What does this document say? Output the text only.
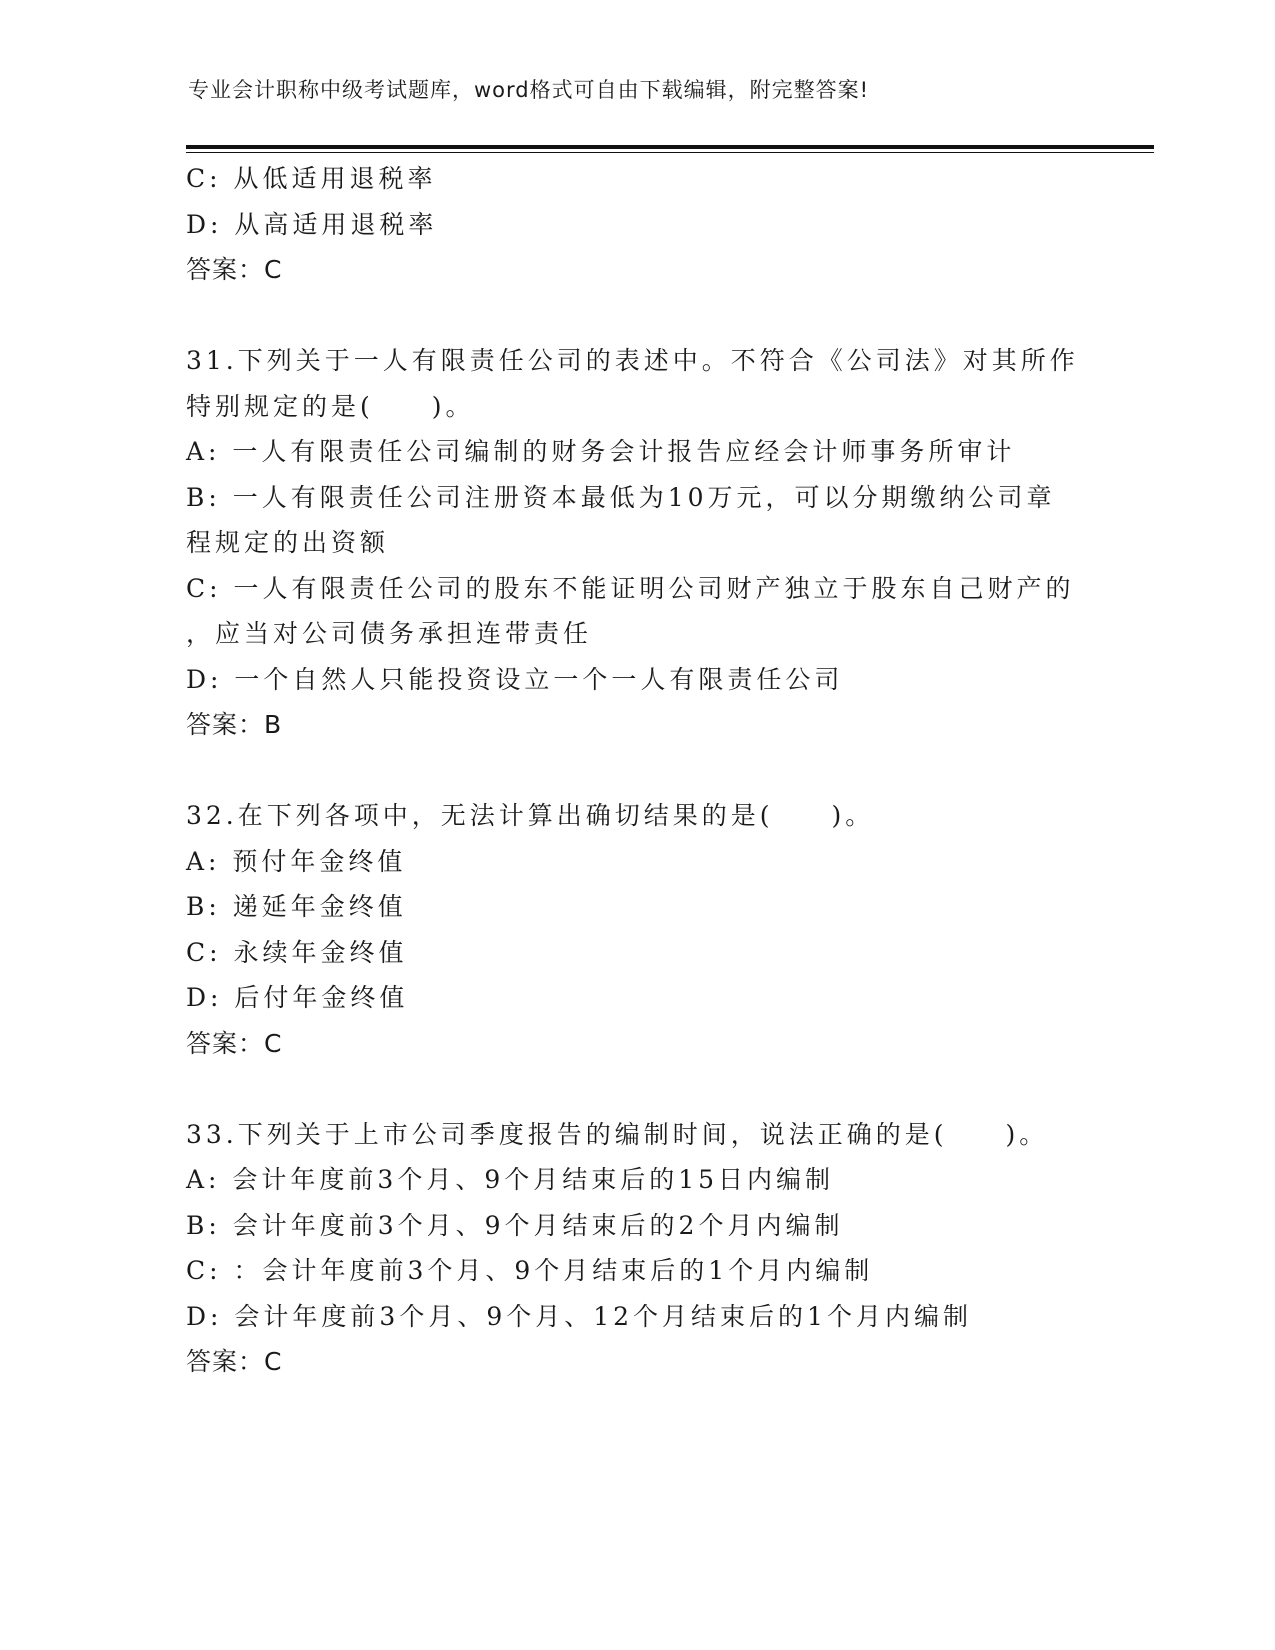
专业会计职称中级考试题库，word格式可自由下载编辑，附完整答案!
C: 从低适用退税率
D: 从高适用退税率
答案：C
31.下列关于一人有限责任公司的表述中。不符合《公司法》对其所作
特别规定的是(　　)。
A: 一人有限责任公司编制的财务会计报告应经会计师事务所审计
B: 一人有限责任公司注册资本最低为10万元，可以分期缴纳公司章
程规定的出资额
C: 一人有限责任公司的股东不能证明公司财产独立于股东自己财产的
，应当对公司债务承担连带责任
D: 一个自然人只能投资设立一个一人有限责任公司
答案：B
32.在下列各项中，无法计算出确切结果的是(　　)。
A: 预付年金终值
B: 递延年金终值
C: 永续年金终值
D: 后付年金终值
答案：C
33.下列关于上市公司季度报告的编制时间，说法正确的是(　　)。
A: 会计年度前3个月、9个月结束后的15日内编制
B: 会计年度前3个月、9个月结束后的2个月内编制
C: ：会计年度前3个月、9个月结束后的1个月内编制
D: 会计年度前3个月、9个月、12个月结束后的1个月内编制
答案：C
